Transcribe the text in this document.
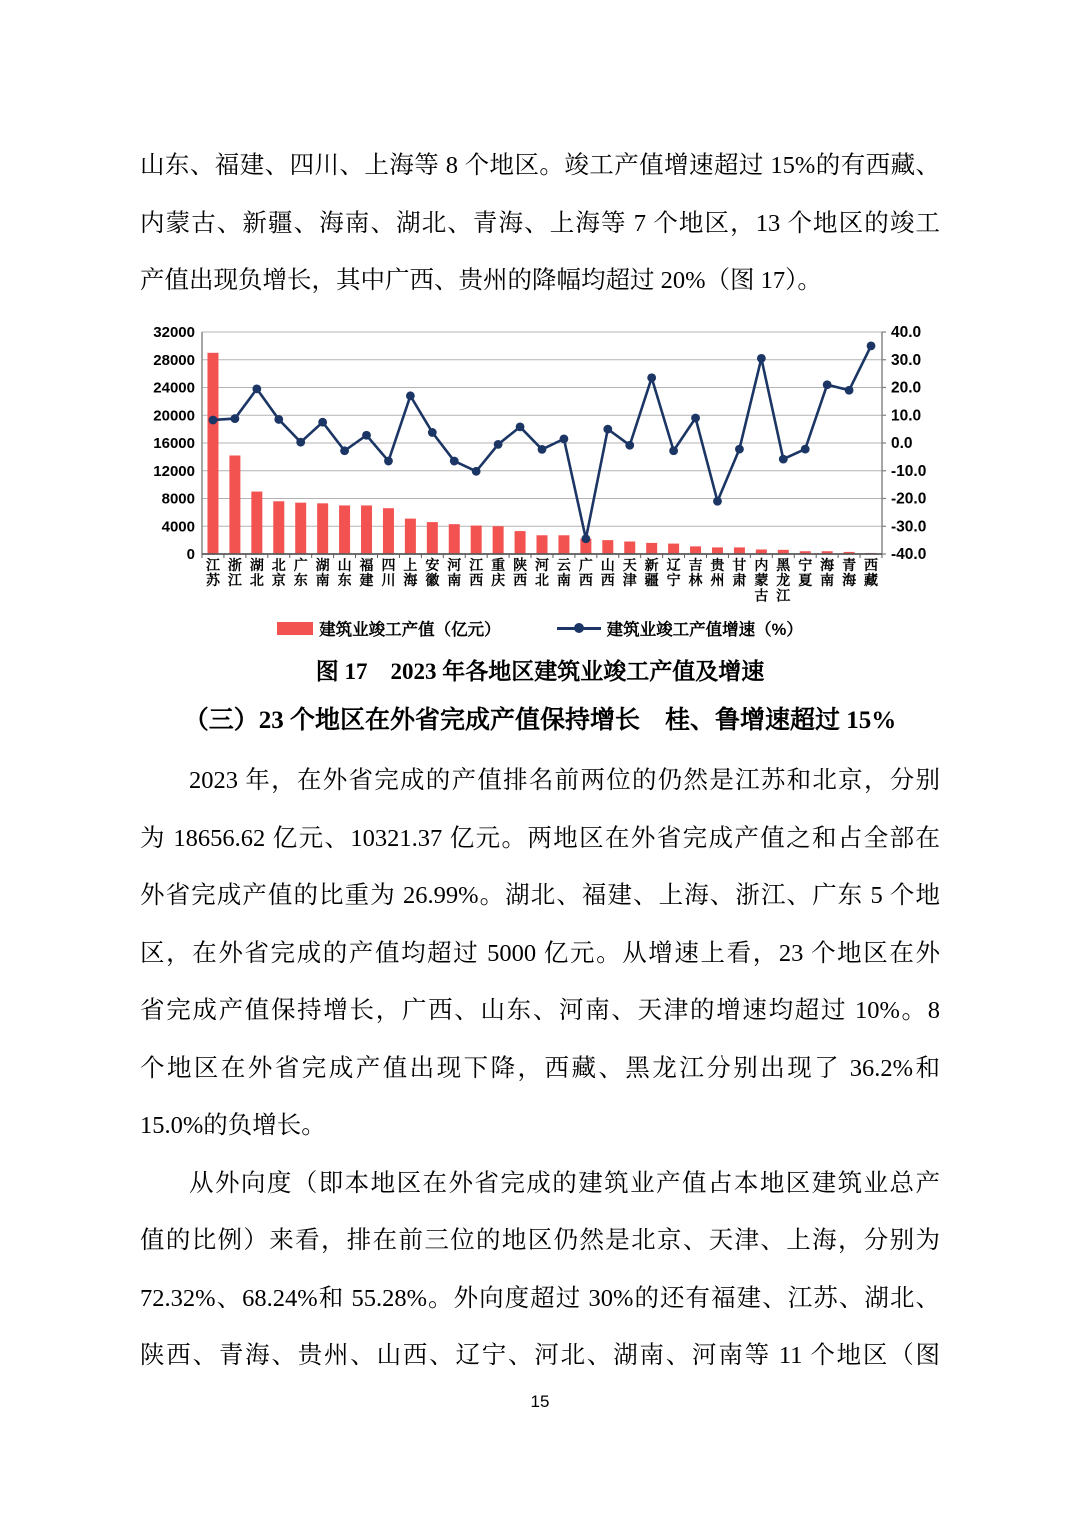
山东、福建、四川、上海等 8 个地区。竣工产值增速超过 15%的有西藏、
内蒙古、新疆、海南、湖北、青海、上海等 7 个地区，13 个地区的竣工
产值出现负增长，其中广西、贵州的降幅均超过 20%（图 17）。
0	-40.0
4000	-30.0
8000	-20.0
12000	-10.0
16000	0.0
20000	10.0
24000	20.0
28000	30.0
32000	40.0
江苏
浙江
湖北
北京
广东
湖南
山东
福建
四川
上海
安徽
河南
江西
重庆
陕西
河北
云南
广西
山西
天津
新疆
辽宁
吉林
贵州
甘肃
内蒙古
黑龙江
宁夏
海南
青海
西藏
建筑业竣工产值（亿元）	建筑业竣工产值增速（%）
图 17　2023 年各地区建筑业竣工产值及增速
（三）23 个地区在外省完成产值保持增长　桂、鲁增速超过 15%
2023 年，在外省完成的产值排名前两位的仍然是江苏和北京，分别
为 18656.62 亿元、10321.37 亿元。两地区在外省完成产值之和占全部在
外省完成产值的比重为 26.99%。湖北、福建、上海、浙江、广东 5 个地
区，在外省完成的产值均超过 5000 亿元。从增速上看，23 个地区在外
省完成产值保持增长，广西、山东、河南、天津的增速均超过 10%。8
个地区在外省完成产值出现下降，西藏、黑龙江分别出现了 36.2%和
15.0%的负增长。
从外向度（即本地区在外省完成的建筑业产值占本地区建筑业总产
值的比例）来看，排在前三位的地区仍然是北京、天津、上海，分别为
72.32%、68.24%和 55.28%。外向度超过 30%的还有福建、江苏、湖北、
陕西、青海、贵州、山西、辽宁、河北、湖南、河南等 11 个地区（图
15
